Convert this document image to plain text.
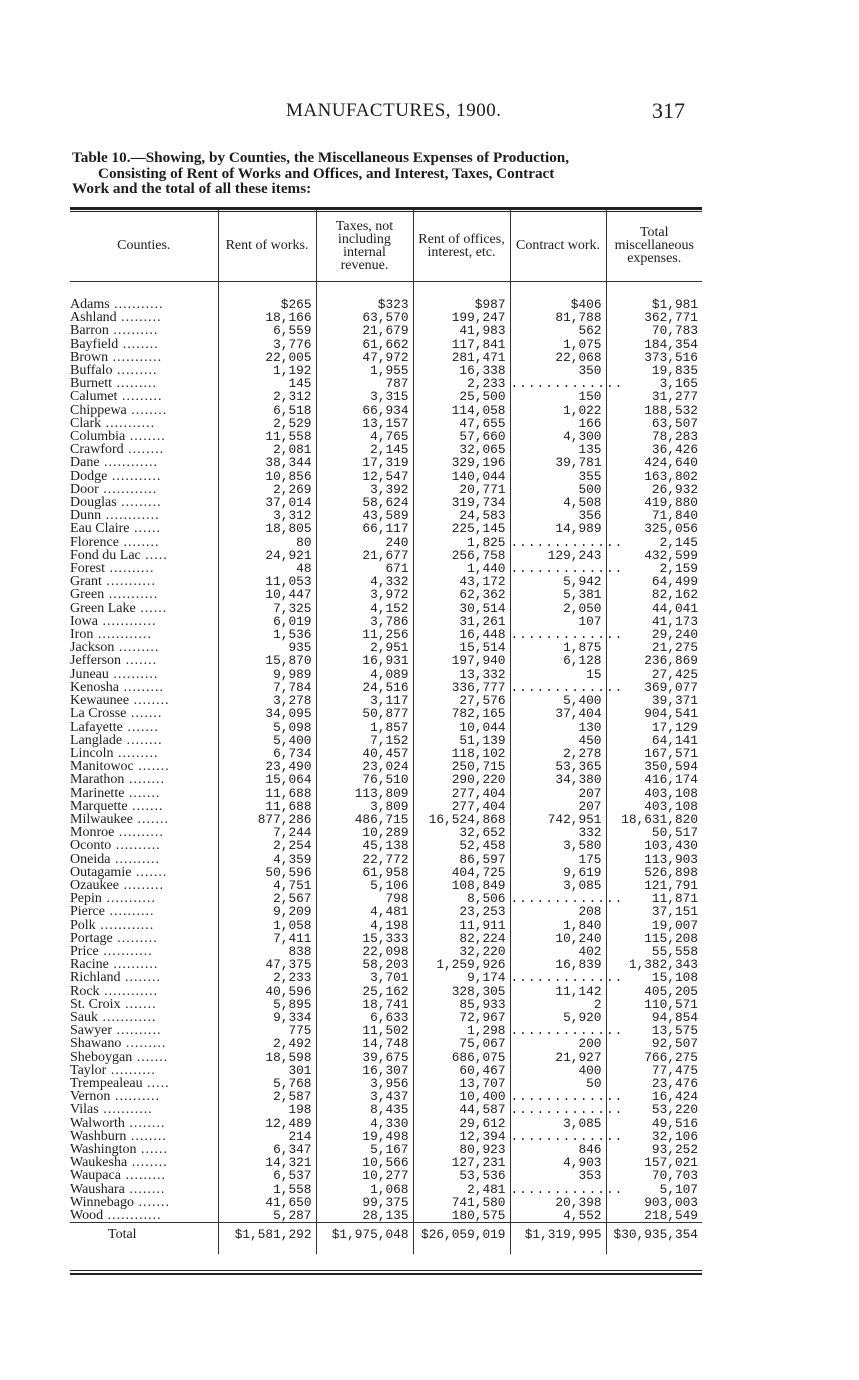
MANUFACTURES, 1900.	317
Table 10.—Showing, by Counties, the Miscellaneous Expenses of Production,
Consisting of Rent of Works and Offices, and Interest, Taxes, Contract
Work and the total of all these items:
Counties.	Rent of works.	Taxes, not including internal revenue.	Rent of offices, interest, etc.	Contract work.	Total miscellaneous expenses.

Adams ...........	$265	$323	$987	$406	$1,981
Ashland .........	18,166	63,570	199,247	81,788	362,771
Barron ..........	6,559	21,679	41,983	562	70,783
Bayfield ........	3,776	61,662	117,841	1,075	184,354
Brown ...........	22,005	47,972	281,471	22,068	373,516
Buffalo .........	1,192	1,955	16,338	350	19,835
Burnett .........	145	787	2,233	.............	3,165
Calumet .........	2,312	3,315	25,500	150	31,277
Chippewa ........	6,518	66,934	114,058	1,022	188,532
Clark ...........	2,529	13,157	47,655	166	63,507
Columbia ........	11,558	4,765	57,660	4,300	78,283
Crawford ........	2,081	2,145	32,065	135	36,426
Dane ............	38,344	17,319	329,196	39,781	424,640
Dodge ...........	10,856	12,547	140,044	355	163,802
Door ............	2,269	3,392	20,771	500	26,932
Douglas .........	37,014	58,624	319,734	4,508	419,880
Dunn ............	3,312	43,589	24,583	356	71,840
Eau Claire ......	18,805	66,117	225,145	14,989	325,056
Florence ........	80	240	1,825	.............	2,145
Fond du Lac .....	24,921	21,677	256,758	129,243	432,599
Forest ..........	48	671	1,440	.............	2,159
Grant ...........	11,053	4,332	43,172	5,942	64,499
Green ...........	10,447	3,972	62,362	5,381	82,162
Green Lake ......	7,325	4,152	30,514	2,050	44,041
Iowa ............	6,019	3,786	31,261	107	41,173
Iron ............	1,536	11,256	16,448	.............	29,240
Jackson .........	935	2,951	15,514	1,875	21,275
Jefferson .......	15,870	16,931	197,940	6,128	236,869
Juneau ..........	9,989	4,089	13,332	15	27,425
Kenosha .........	7,784	24,516	336,777	.............	369,077
Kewaunee ........	3,278	3,117	27,576	5,400	39,371
La Crosse .......	34,095	50,877	782,165	37,404	904,541
Lafayette .......	5,098	1,857	10,044	130	17,129
Langlade ........	5,400	7,152	51,139	450	64,141
Lincoln .........	6,734	40,457	118,102	2,278	167,571
Manitowoc .......	23,490	23,024	250,715	53,365	350,594
Marathon ........	15,064	76,510	290,220	34,380	416,174
Marinette .......	11,688	113,809	277,404	207	403,108
Marquette .......	11,688	3,809	277,404	207	403,108
Milwaukee .......	877,286	486,715	16,524,868	742,951	18,631,820
Monroe ..........	7,244	10,289	32,652	332	50,517
Oconto ..........	2,254	45,138	52,458	3,580	103,430
Oneida ..........	4,359	22,772	86,597	175	113,903
Outagamie .......	50,596	61,958	404,725	9,619	526,898
Ozaukee .........	4,751	5,106	108,849	3,085	121,791
Pepin ...........	2,567	798	8,506	.............	11,871
Pierce ..........	9,209	4,481	23,253	208	37,151
Polk ............	1,058	4,198	11,911	1,840	19,007
Portage .........	7,411	15,333	82,224	10,240	115,208
Price ...........	838	22,098	32,220	402	55,558
Racine ..........	47,375	58,203	1,259,926	16,839	1,382,343
Richland ........	2,233	3,701	9,174	.............	15,108
Rock ............	40,596	25,162	328,305	11,142	405,205
St. Croix .......	5,895	18,741	85,933	2	110,571
Sauk ............	9,334	6,633	72,967	5,920	94,854
Sawyer ..........	775	11,502	1,298	.............	13,575
Shawano .........	2,492	14,748	75,067	200	92,507
Sheboygan .......	18,598	39,675	686,075	21,927	766,275
Taylor ..........	301	16,307	60,467	400	77,475
Trempealeau .....	5,768	3,956	13,707	50	23,476
Vernon ..........	2,587	3,437	10,400	.............	16,424
Vilas ...........	198	8,435	44,587	.............	53,220
Walworth ........	12,489	4,330	29,612	3,085	49,516
Washburn ........	214	19,498	12,394	.............	32,106
Washington ......	6,347	5,167	80,923	846	93,252
Waukesha ........	14,321	10,566	127,231	4,903	157,021
Waupaca .........	6,537	10,277	53,536	353	70,703
Waushara ........	1,558	1,068	2,481	.............	5,107
Winnebago .......	41,650	99,375	741,580	20,398	903,003
Wood ............	5,287	28,135	180,575	4,552	218,549
Total	$1,581,292	$1,975,048	$26,059,019	$1,319,995	$30,935,354
